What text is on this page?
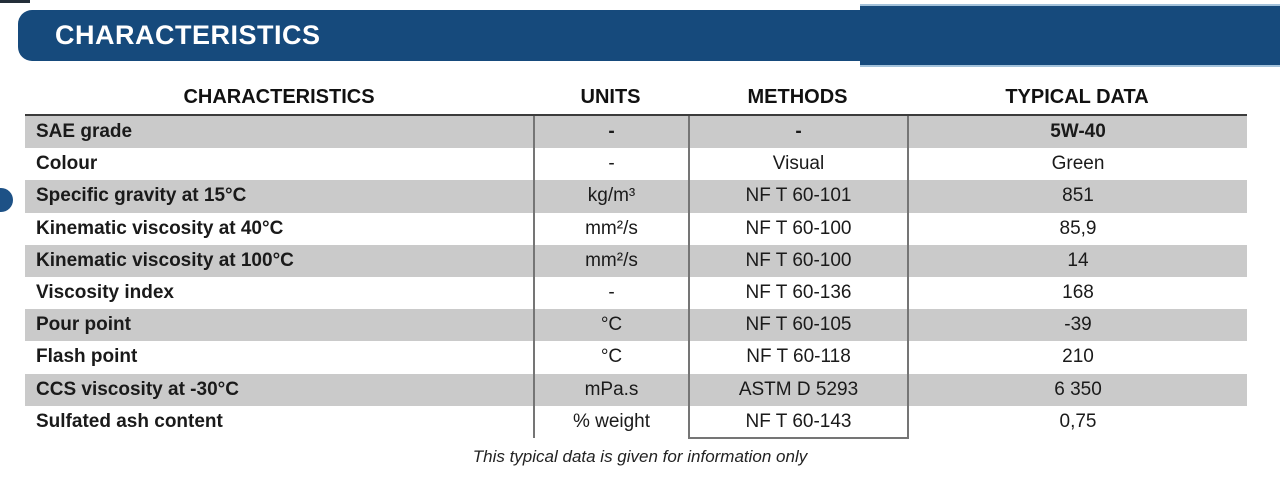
CHARACTERISTICS
CHARACTERISTICS	UNITS	METHODS	TYPICAL DATA
SAE grade	-	-	5W-40
Colour	-	Visual	Green
Specific gravity at 15°C	kg/m³	NF T 60-101	851
Kinematic viscosity at 40°C	mm²/s	NF T 60-100	85,9
Kinematic viscosity at 100°C	mm²/s	NF T 60-100	14
Viscosity index	-	NF T 60-136	168
Pour point	°C	NF T 60-105	-39
Flash point	°C	NF T 60-118	210
CCS viscosity at -30°C	mPa.s	ASTM D 5293	6 350
Sulfated ash content	% weight	NF T 60-143	0,75
This typical data is given for information only
